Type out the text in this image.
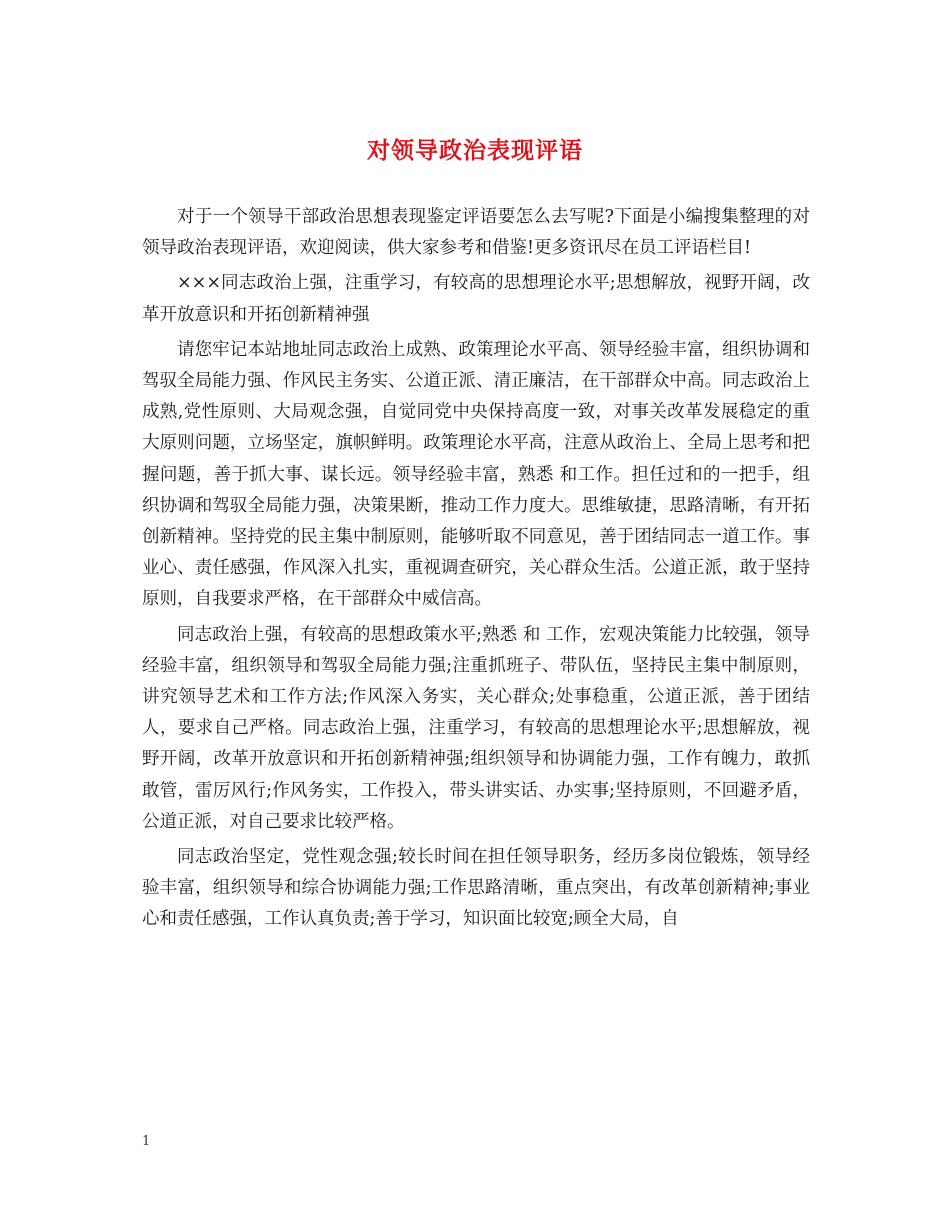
对领导政治表现评语

对于一个领导干部政治思想表现鉴定评语要怎么去写呢?下面是小编搜集整理的对领导政治表现评语，欢迎阅读，供大家参考和借鉴!更多资讯尽在员工评语栏目!

×××同志政治上强，注重学习，有较高的思想理论水平;思想解放，视野开阔，改革开放意识和开拓创新精神强

请您牢记本站地址同志政治上成熟、政策理论水平高、领导经验丰富，组织协调和驾驭全局能力强、作风民主务实、公道正派、清正廉洁，在干部群众中高。同志政治上成熟,党性原则、大局观念强，自觉同党中央保持高度一致，对事关改革发展稳定的重大原则问题，立场坚定，旗帜鲜明。政策理论水平高，注意从政治上、全局上思考和把握问题，善于抓大事、谋长远。领导经验丰富，熟悉 和工作。担任过和的一把手，组织协调和驾驭全局能力强，决策果断，推动工作力度大。思维敏捷，思路清晰，有开拓创新精神。坚持党的民主集中制原则，能够听取不同意见，善于团结同志一道工作。事业心、责任感强，作风深入扎实，重视调查研究，关心群众生活。公道正派，敢于坚持原则，自我要求严格，在干部群众中威信高。

同志政治上强，有较高的思想政策水平;熟悉 和 工作，宏观决策能力比较强，领导经验丰富，组织领导和驾驭全局能力强;注重抓班子、带队伍，坚持民主集中制原则，讲究领导艺术和工作方法;作风深入务实，关心群众;处事稳重，公道正派，善于团结人，要求自己严格。同志政治上强，注重学习，有较高的思想理论水平;思想解放，视野开阔，改革开放意识和开拓创新精神强;组织领导和协调能力强，工作有魄力，敢抓敢管，雷厉风行;作风务实，工作投入，带头讲实话、办实事;坚持原则，不回避矛盾，公道正派，对自己要求比较严格。

同志政治坚定，党性观念强;较长时间在担任领导职务，经历多岗位锻炼，领导经验丰富，组织领导和综合协调能力强;工作思路清晰，重点突出，有改革创新精神;事业心和责任感强，工作认真负责;善于学习，知识面比较宽;顾全大局，自

1
